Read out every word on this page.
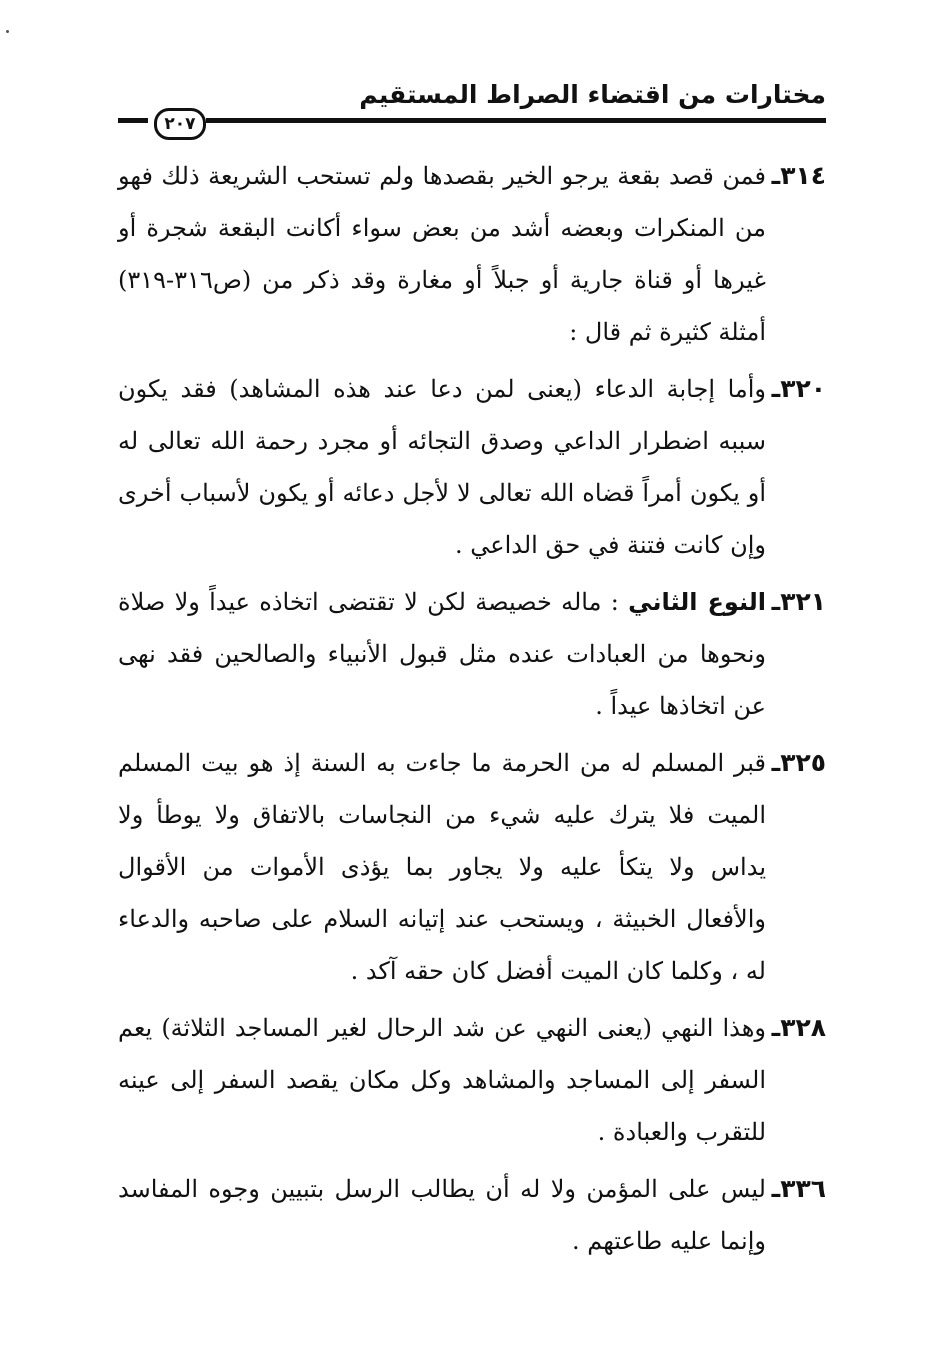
مختارات من اقتضاء الصراط المستقيم
٢٠٧
٣١٤ـ
فمن قصد بقعة يرجو الخير بقصدها ولم تستحب الشريعة ذلك فهو من المنكرات وبعضه أشد من بعض سواء أكانت البقعة شجرة أو غيرها أو قناة جارية أو جبلاً أو مغارة وقد ذكر من (ص٣١٦-٣١٩) أمثلة كثيرة ثم قال :
٣٢٠ـ
وأما إجابة الدعاء (يعنى لمن دعا عند هذه المشاهد) فقد يكون سببه اضطرار الداعي وصدق التجائه أو مجرد رحمة الله تعالى له أو يكون أمراً قضاه الله تعالى لا لأجل دعائه أو يكون لأسباب أخرى وإن كانت فتنة في حق الداعي .
٣٢١ـ
النوع الثاني : ماله خصيصة لكن لا تقتضى اتخاذه عيداً ولا صلاة ونحوها من العبادات عنده مثل قبول الأنبياء والصالحين فقد نهى عن اتخاذها عيداً .
٣٢٥ـ
قبر المسلم له من الحرمة ما جاءت به السنة إذ هو بيت المسلم الميت فلا يترك عليه شيء من النجاسات بالاتفاق ولا يوطأ ولا يداس ولا يتكأ عليه ولا يجاور بما يؤذى الأموات من الأقوال والأفعال الخبيثة ، ويستحب عند إتيانه السلام على صاحبه والدعاء له ، وكلما كان الميت أفضل كان حقه آكد .
٣٢٨ـ
وهذا النهي (يعنى النهي عن شد الرحال لغير المساجد الثلاثة) يعم السفر إلى المساجد والمشاهد وكل مكان يقصد السفر إلى عينه للتقرب والعبادة .
٣٣٦ـ
ليس على المؤمن ولا له أن يطالب الرسل بتبيين وجوه المفاسد وإنما عليه طاعتهم .
